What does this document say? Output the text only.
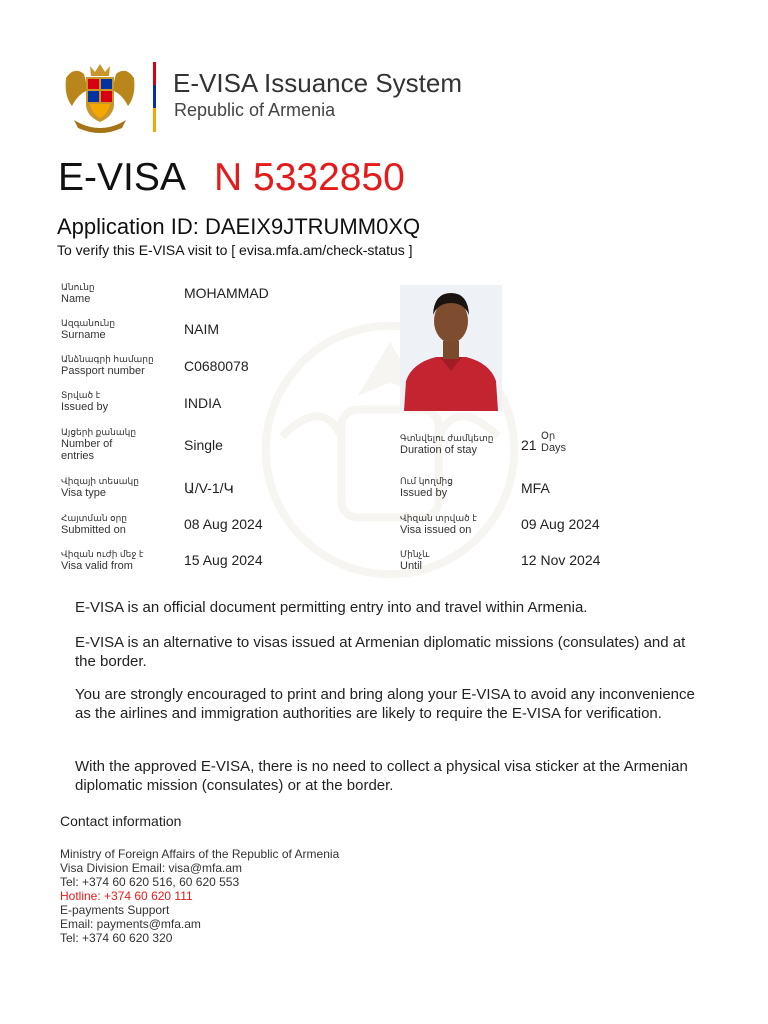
E-VISA Issuance System
Republic of Armenia
E-VISA N 5332850
Application ID: DAEIX9JTRUMM0XQ
To verify this E-VISA visit to [ evisa.mfa.am/check-status ]
Անունը
Name	MOHAMMAD
Ազգանունը
Surname	NAIM
Անձնագրի համարը
Passport number	C0680078
Տրված է
Issued by	INDIA
Այցերի քանակը
Number of
entries
Single
Վիզայի տեսակը
Visa type	Ա/V-1/Կ
Հայտման օրը
Submitted on	08 Aug 2024
Վիզան ուժի մեջ է
Visa valid from	15 Aug 2024
Գտնվելու ժամկետը
Duration of stay	21
Օր
Days
Ում կողմից
Issued by	MFA
Վիզան տրված է
Visa issued on	09 Aug 2024
Մինչև
Until	12 Nov 2024

E-VISA is an official document permitting entry into and travel within Armenia.

E-VISA is an alternative to visas issued at Armenian diplomatic missions (consulates) and at the border.

You are strongly encouraged to print and bring along your E-VISA to avoid any inconvenience as the airlines and immigration authorities are likely to require the E-VISA for verification.

With the approved E-VISA, there is no need to collect a physical visa sticker at the Armenian diplomatic mission (consulates) or at the border.

Contact information
Ministry of Foreign Affairs of the Republic of Armenia
Visa Division Email: visa@mfa.am
Tel: +374 60 620 516, 60 620 553
Hotline: +374 60 620 111
E-payments Support
Email: payments@mfa.am
Tel: +374 60 620 320
